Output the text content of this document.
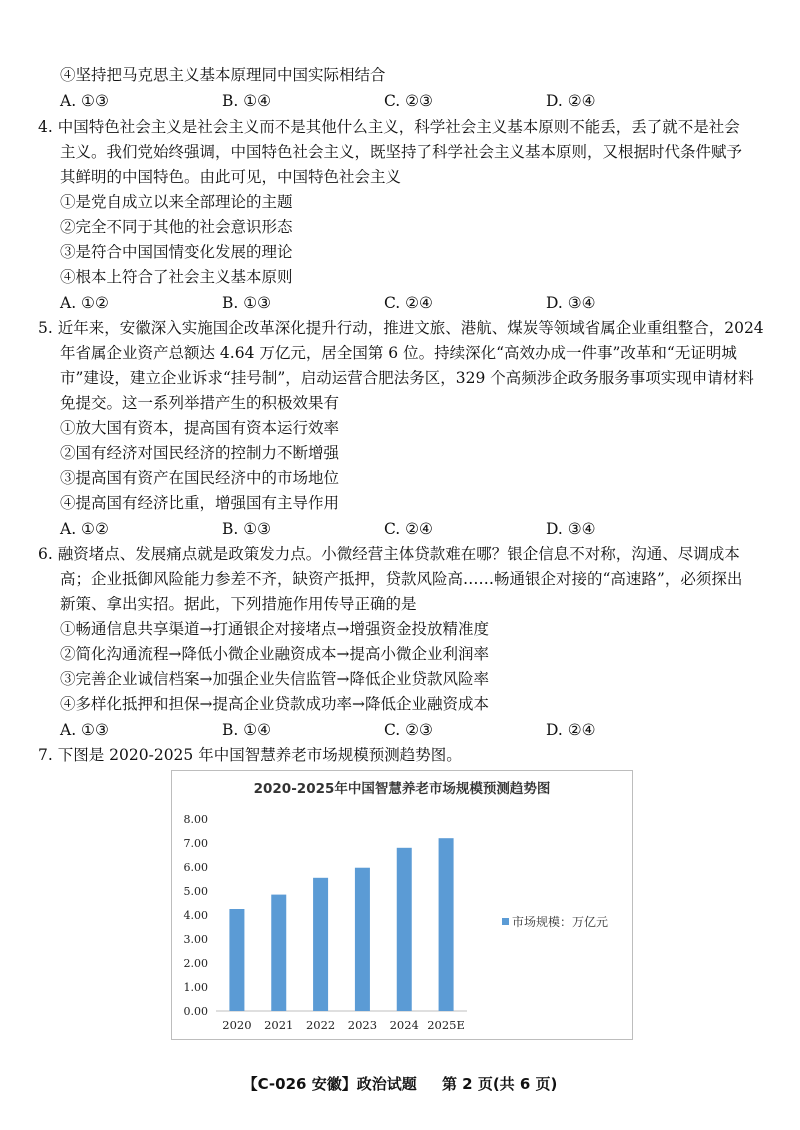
④坚持把马克思主义基本原理同中国实际相结合
A. ①③	B. ①④	C. ②③	D. ②④
4. 中国特色社会主义是社会主义而不是其他什么主义，科学社会主义基本原则不能丢，丢了就不是社会
主义。我们党始终强调，中国特色社会主义，既坚持了科学社会主义基本原则，又根据时代条件赋予
其鲜明的中国特色。由此可见，中国特色社会主义
①是党自成立以来全部理论的主题
②完全不同于其他的社会意识形态
③是符合中国国情变化发展的理论
④根本上符合了社会主义基本原则
A. ①②	B. ①③	C. ②④	D. ③④
5. 近年来，安徽深入实施国企改革深化提升行动，推进文旅、港航、煤炭等领域省属企业重组整合，2024
年省属企业资产总额达 4.64 万亿元，居全国第 6 位。持续深化“高效办成一件事”改革和“无证明城
市”建设，建立企业诉求“挂号制”，启动运营合肥法务区，329 个高频涉企政务服务事项实现申请材料
免提交。这一系列举措产生的积极效果有
①放大国有资本，提高国有资本运行效率
②国有经济对国民经济的控制力不断增强
③提高国有资产在国民经济中的市场地位
④提高国有经济比重，增强国有主导作用
A. ①②	B. ①③	C. ②④	D. ③④
6. 融资堵点、发展痛点就是政策发力点。小微经营主体贷款难在哪？银企信息不对称，沟通、尽调成本
高；企业抵御风险能力参差不齐，缺资产抵押，贷款风险高……畅通银企对接的“高速路”，必须探出
新策、拿出实招。据此，下列措施作用传导正确的是
①畅通信息共享渠道→打通银企对接堵点→增强资金投放精准度
②简化沟通流程→降低小微企业融资成本→提高小微企业利润率
③完善企业诚信档案→加强企业失信监管→降低企业贷款风险率
④多样化抵押和担保→提高企业贷款成功率→降低企业融资成本
A. ①③	B. ①④	C. ②③	D. ②④
7. 下图是 2020-2025 年中国智慧养老市场规模预测趋势图。
2020-2025年中国智慧养老市场规模预测趋势图
0.00
1.00
2.00
3.00
4.00
5.00
6.00
7.00
8.00
2020 2021 2022 2023 2024 2025E
市场规模：万亿元
【C-026 安徽】政治试题 第 2 页(共 6 页)
